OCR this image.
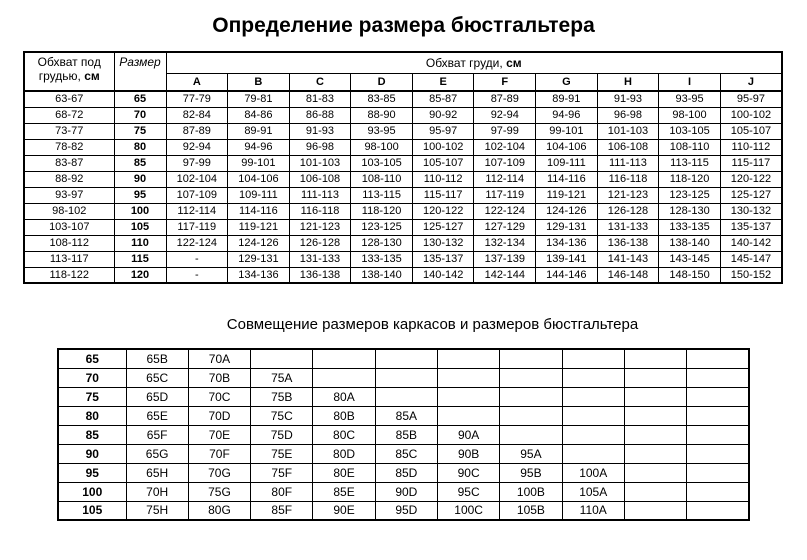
Определение размера бюстгальтера
Обхват под грудью, см	Размер	Обхват груди, см									
		A	B	C	D	E	F	G	H	I	J
63-67	65	77-79	79-81	81-83	83-85	85-87	87-89	89-91	91-93	93-95	95-97
68-72	70	82-84	84-86	86-88	88-90	90-92	92-94	94-96	96-98	98-100	100-102
73-77	75	87-89	89-91	91-93	93-95	95-97	97-99	99-101	101-103	103-105	105-107
78-82	80	92-94	94-96	96-98	98-100	100-102	102-104	104-106	106-108	108-110	110-112
83-87	85	97-99	99-101	101-103	103-105	105-107	107-109	109-111	111-113	113-115	115-117
88-92	90	102-104	104-106	106-108	108-110	110-112	112-114	114-116	116-118	118-120	120-122
93-97	95	107-109	109-111	111-113	113-115	115-117	117-119	119-121	121-123	123-125	125-127
98-102	100	112-114	114-116	116-118	118-120	120-122	122-124	124-126	126-128	128-130	130-132
103-107	105	117-119	119-121	121-123	123-125	125-127	127-129	129-131	131-133	133-135	135-137
108-112	110	122-124	124-126	126-128	128-130	130-132	132-134	134-136	136-138	138-140	140-142
113-117	115	-	129-131	131-133	133-135	135-137	137-139	139-141	141-143	143-145	145-147
118-122	120	-	134-136	136-138	138-140	140-142	142-144	144-146	146-148	148-150	150-152
Совмещение размеров каркасов и размеров бюстгальтера
65	65B	70A								
70	65C	70B	75A							
75	65D	70C	75B	80A						
80	65E	70D	75C	80B	85A					
85	65F	70E	75D	80C	85B	90A				
90	65G	70F	75E	80D	85C	90B	95A			
95	65H	70G	75F	80E	85D	90C	95B	100A		
100	70H	75G	80F	85E	90D	95C	100B	105A		
105	75H	80G	85F	90E	95D	100C	105B	110A		
